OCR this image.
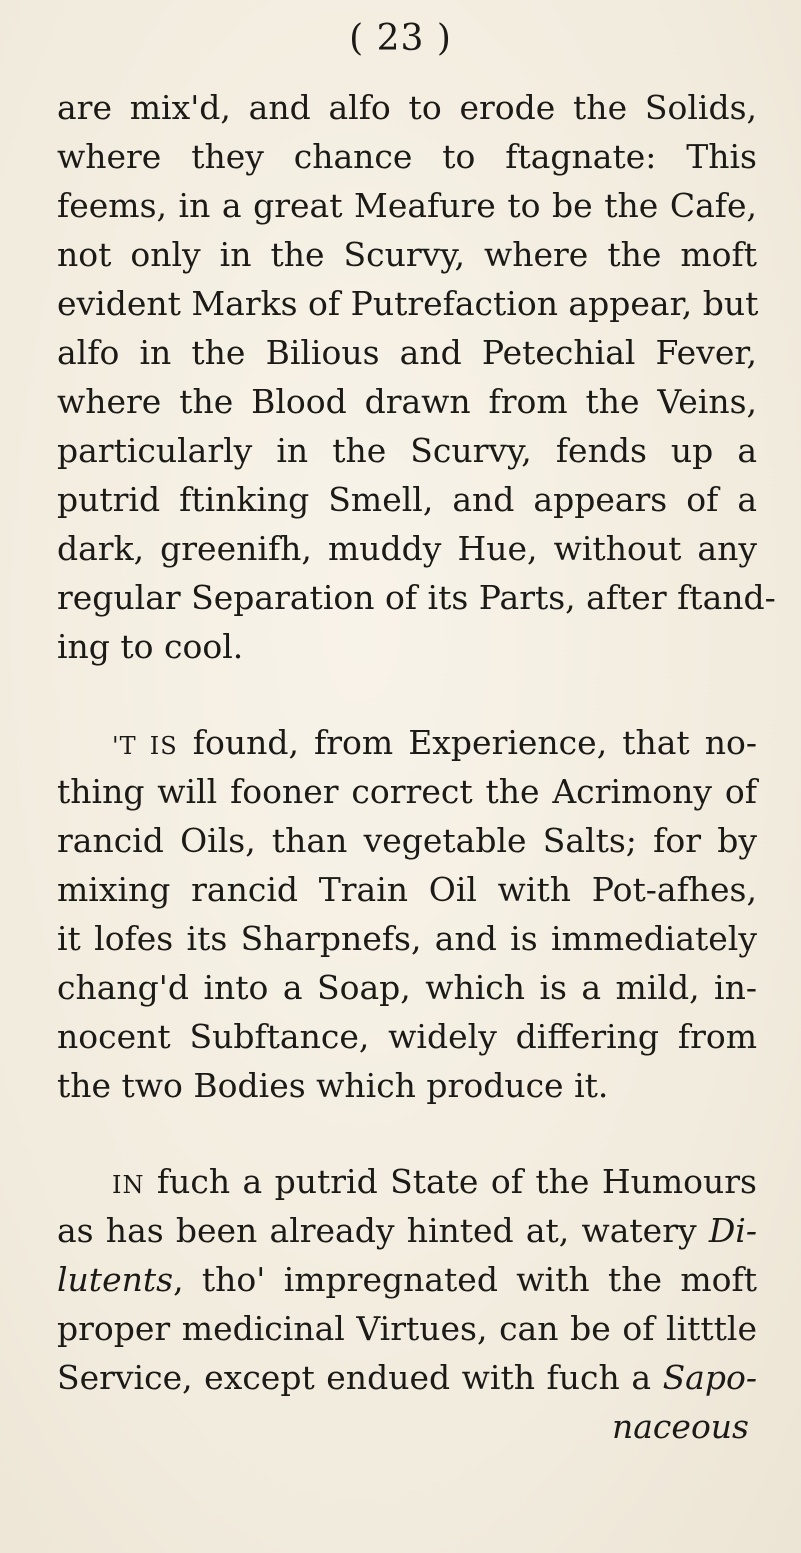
( 23 )
are mix'd, and alfo to erode the Solids,
where they chance to ftagnate: This
feems, in a great Meafure to be the Cafe,
not only in the Scurvy, where the moft
evident Marks of Putrefaction appear, but
alfo in the Bilious and Petechial Fever,
where the Blood drawn from the Veins,
particularly in the Scurvy, fends up a
putrid ftinking Smell, and appears of a
dark, greenifh, muddy Hue, without any
regular Separation of its Parts, after ftand-
ing to cool.
'T IS found, from Experience, that no-
thing will fooner correct the Acrimony of
rancid Oils, than vegetable Salts; for by
mixing rancid Train Oil with Pot-afhes,
it lofes its Sharpnefs, and is immediately
chang'd into a Soap, which is a mild, in-
nocent Subftance, widely differing from
the two Bodies which produce it.
IN fuch a putrid State of the Humours
as has been already hinted at, watery Di-
lutents, tho' impregnated with the moft
proper medicinal Virtues, can be of litttle
Service, except endued with fuch a Sapo-
naceous
